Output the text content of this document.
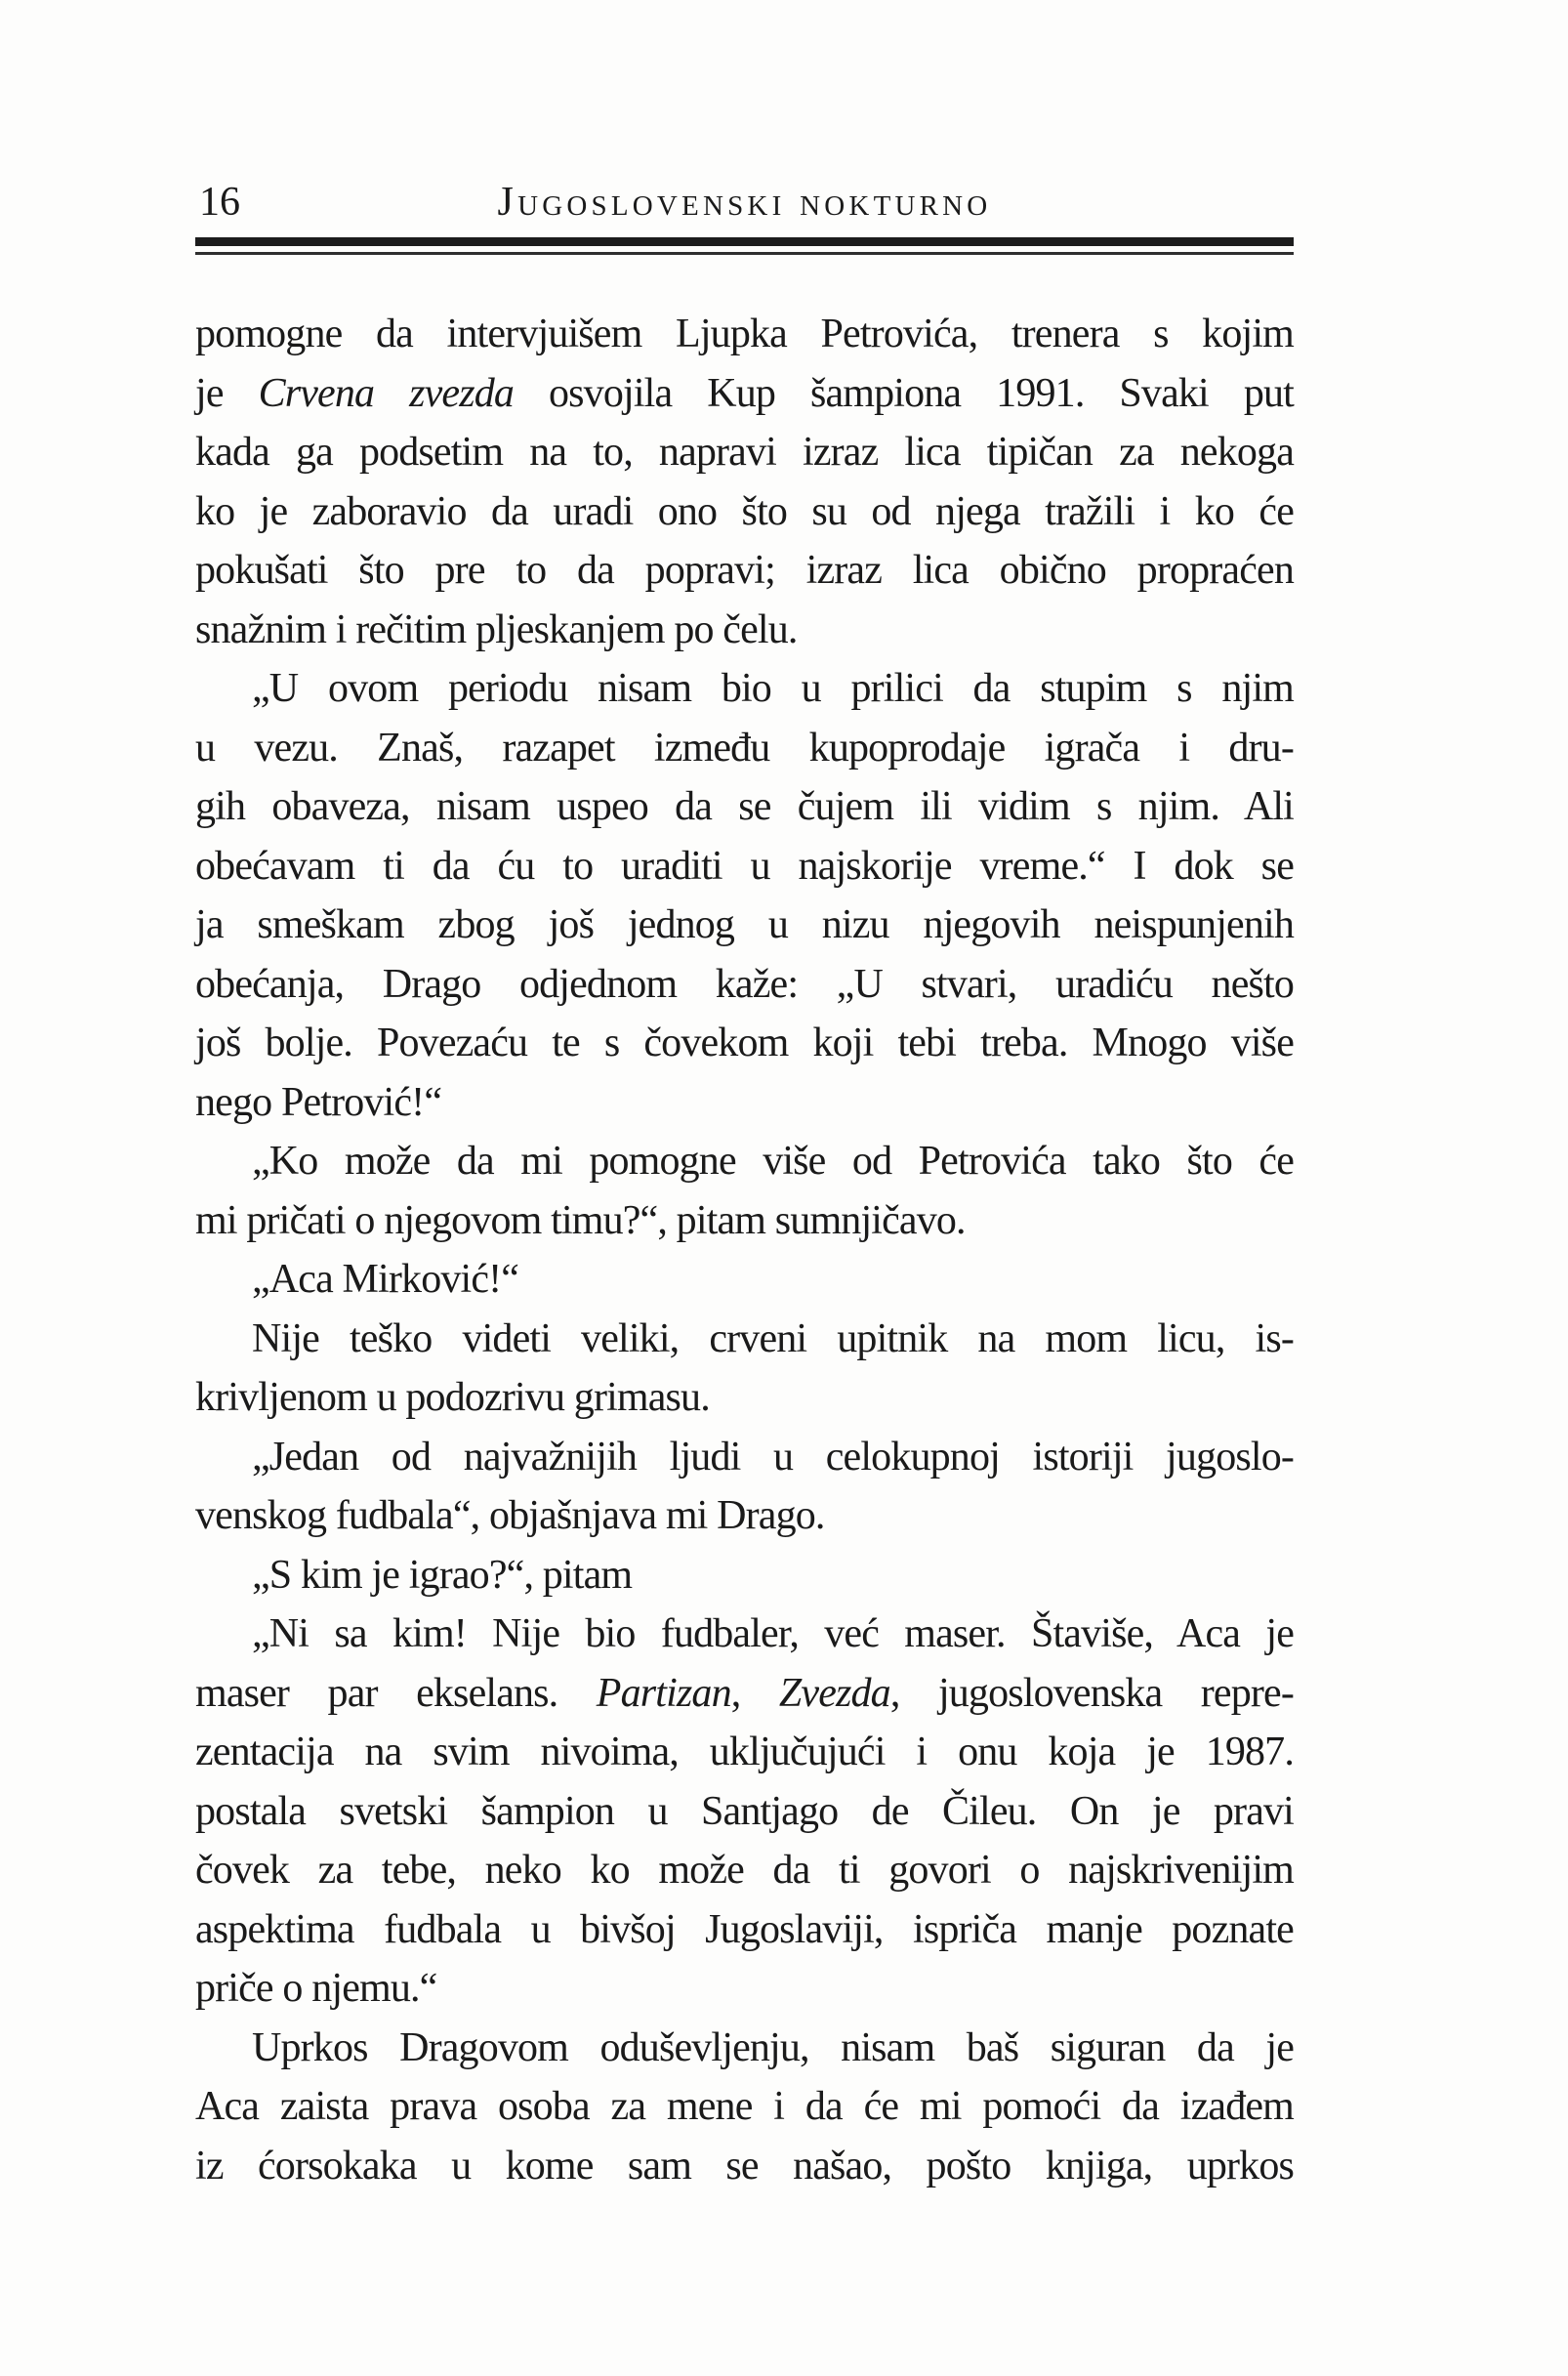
16	Jugoslovenski nokturno
pomogne da intervjuišem Ljupka Petrovića, trenera s kojim
je Crvena zvezda osvojila Kup šampiona 1991. Svaki put
kada ga podsetim na to, napravi izraz lica tipičan za nekoga
ko je zaboravio da uradi ono što su od njega tražili i ko će
pokušati što pre to da popravi; izraz lica obično propraćen
snažnim i rečitim pljeskanjem po čelu.
„U ovom periodu nisam bio u prilici da stupim s njim
u vezu. Znaš, razapet između kupoprodaje igrača i dru-
gih obaveza, nisam uspeo da se čujem ili vidim s njim. Ali
obećavam ti da ću to uraditi u najskorije vreme.“ I dok se
ja smeškam zbog još jednog u nizu njegovih neispunjenih
obećanja, Drago odjednom kaže: „U stvari, uradiću nešto
još bolje. Povezaću te s čovekom koji tebi treba. Mnogo više
nego Petrović!“
„Ko može da mi pomogne više od Petrovića tako što će
mi pričati o njegovom timu?“, pitam sumnjičavo.
„Aca Mirković!“
Nije teško videti veliki, crveni upitnik na mom licu, is-
krivljenom u podozrivu grimasu.
„Jedan od najvažnijih ljudi u celokupnoj istoriji jugoslo-
venskog fudbala“, objašnjava mi Drago.
„S kim je igrao?“, pitam
„Ni sa kim! Nije bio fudbaler, već maser. Štaviše, Aca je
maser par ekselans. Partizan, Zvezda, jugoslovenska repre-
zentacija na svim nivoima, uključujući i onu koja je 1987.
postala svetski šampion u Santjago de Čileu. On je pravi
čovek za tebe, neko ko može da ti govori o najskrivenijim
aspektima fudbala u bivšoj Jugoslaviji, ispriča manje poznate
priče o njemu.“
Uprkos Dragovom oduševljenju, nisam baš siguran da je
Aca zaista prava osoba za mene i da će mi pomoći da izađem
iz ćorsokaka u kome sam se našao, pošto knjiga, uprkos
